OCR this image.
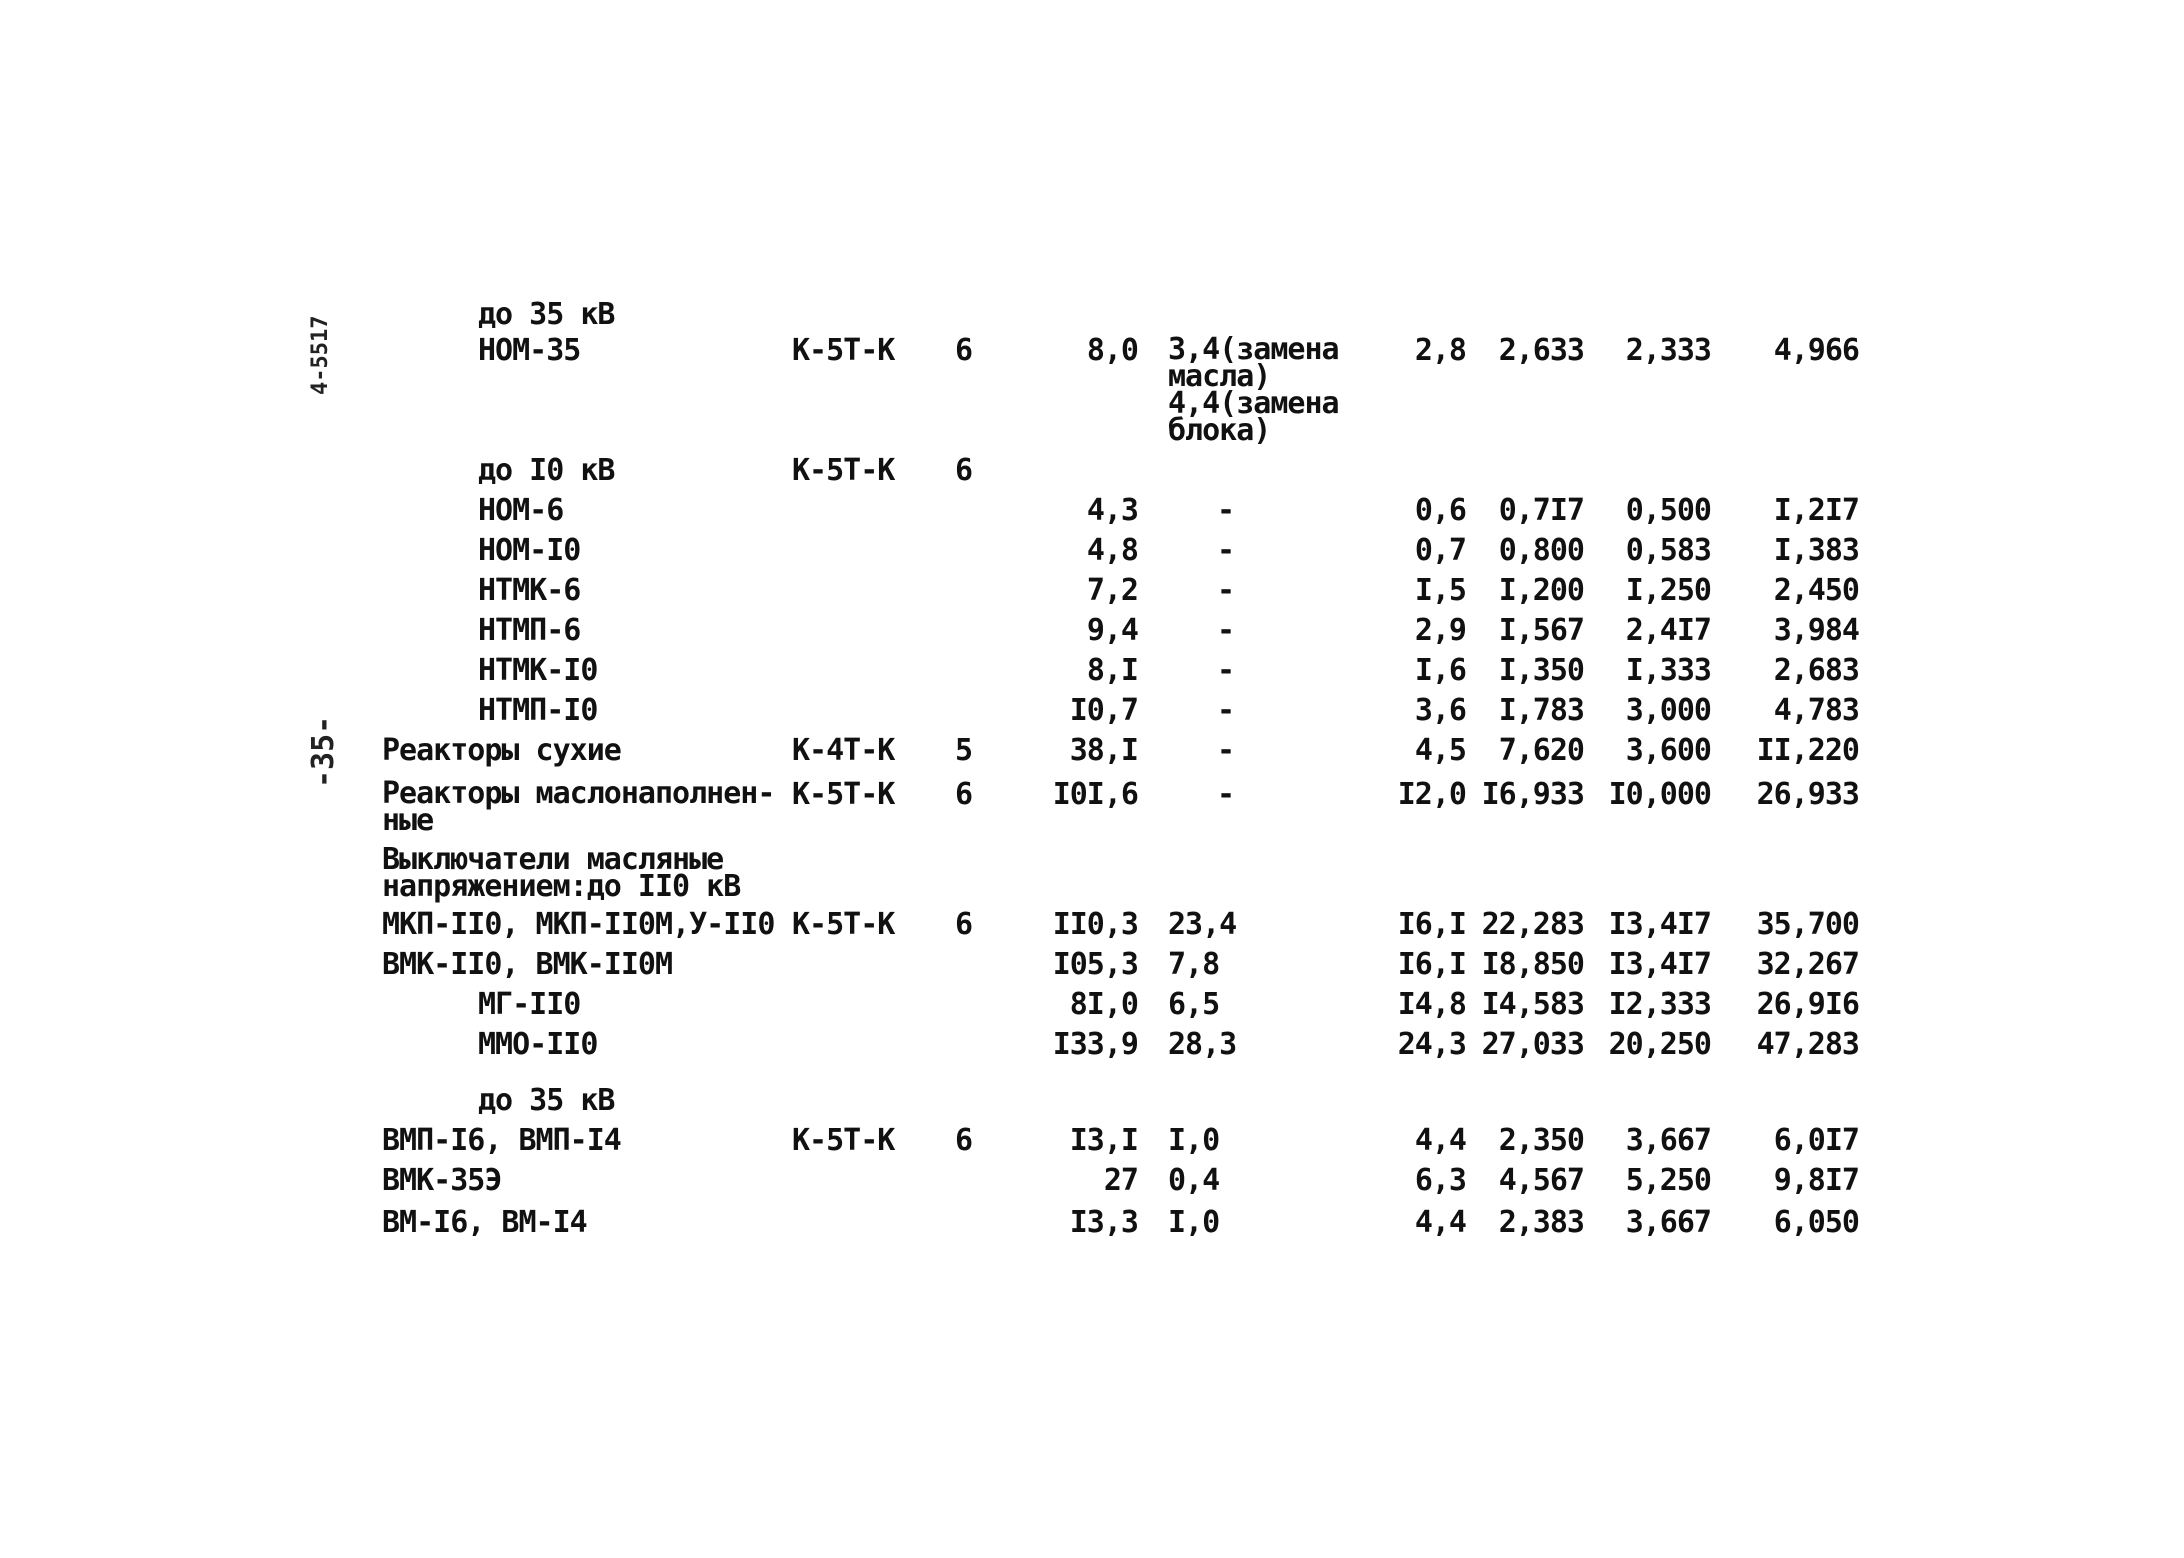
4-5517
-35-
до 35 кВ
НОМ-35	К-5Т-К 6	8,0 3,4(замена масла)
4,4(замена блока)
2,8 2,633 2,333 4,966
до I0 кВ	К-5Т-К 6
НОМ-6	4,3	-	0,6 0,7I7 0,500 I,2I7
НОМ-I0	4,8	-	0,7 0,800 0,583 I,383
НТМК-6	7,2	-	I,5 I,200 I,250 2,450
НТМП-6	9,4	-	2,9 I,567 2,4I7 3,984
НТМК-I0	8,I	-	I,6 I,350 I,333 2,683
НТМП-I0	I0,7	-	3,6 I,783 3,000 4,783
Реакторы сухие	К-4Т-К 5	38,I	-	4,5 7,620 3,600 II,220
Реакторы маслонаполнен-
ные
К-5Т-К 6	I0I,6	-	I2,0 I6,933 I0,000 26,933
Выключатели масляные
напряжением:до II0 кВ
МКП-II0, МКП-II0М,У-II0 К-5Т-К 6	II0,3 23,4	I6,I 22,283 I3,4I7 35,700
ВМК-II0, ВМК-II0М	I05,3 7,8	I6,I I8,850 I3,4I7 32,267
МГ-II0	8I,0 6,5	I4,8 I4,583 I2,333 26,9I6
ММО-II0	I33,9 28,3	24,3 27,033 20,250 47,283
до 35 кВ
ВМП-I6, ВМП-I4	К-5Т-К 6	I3,I I,0	4,4 2,350 3,667 6,0I7
ВМК-35Э	27 0,4	6,3 4,567 5,250 9,8I7
ВМ-I6, ВМ-I4	I3,3 I,0	4,4 2,383 3,667 6,050
